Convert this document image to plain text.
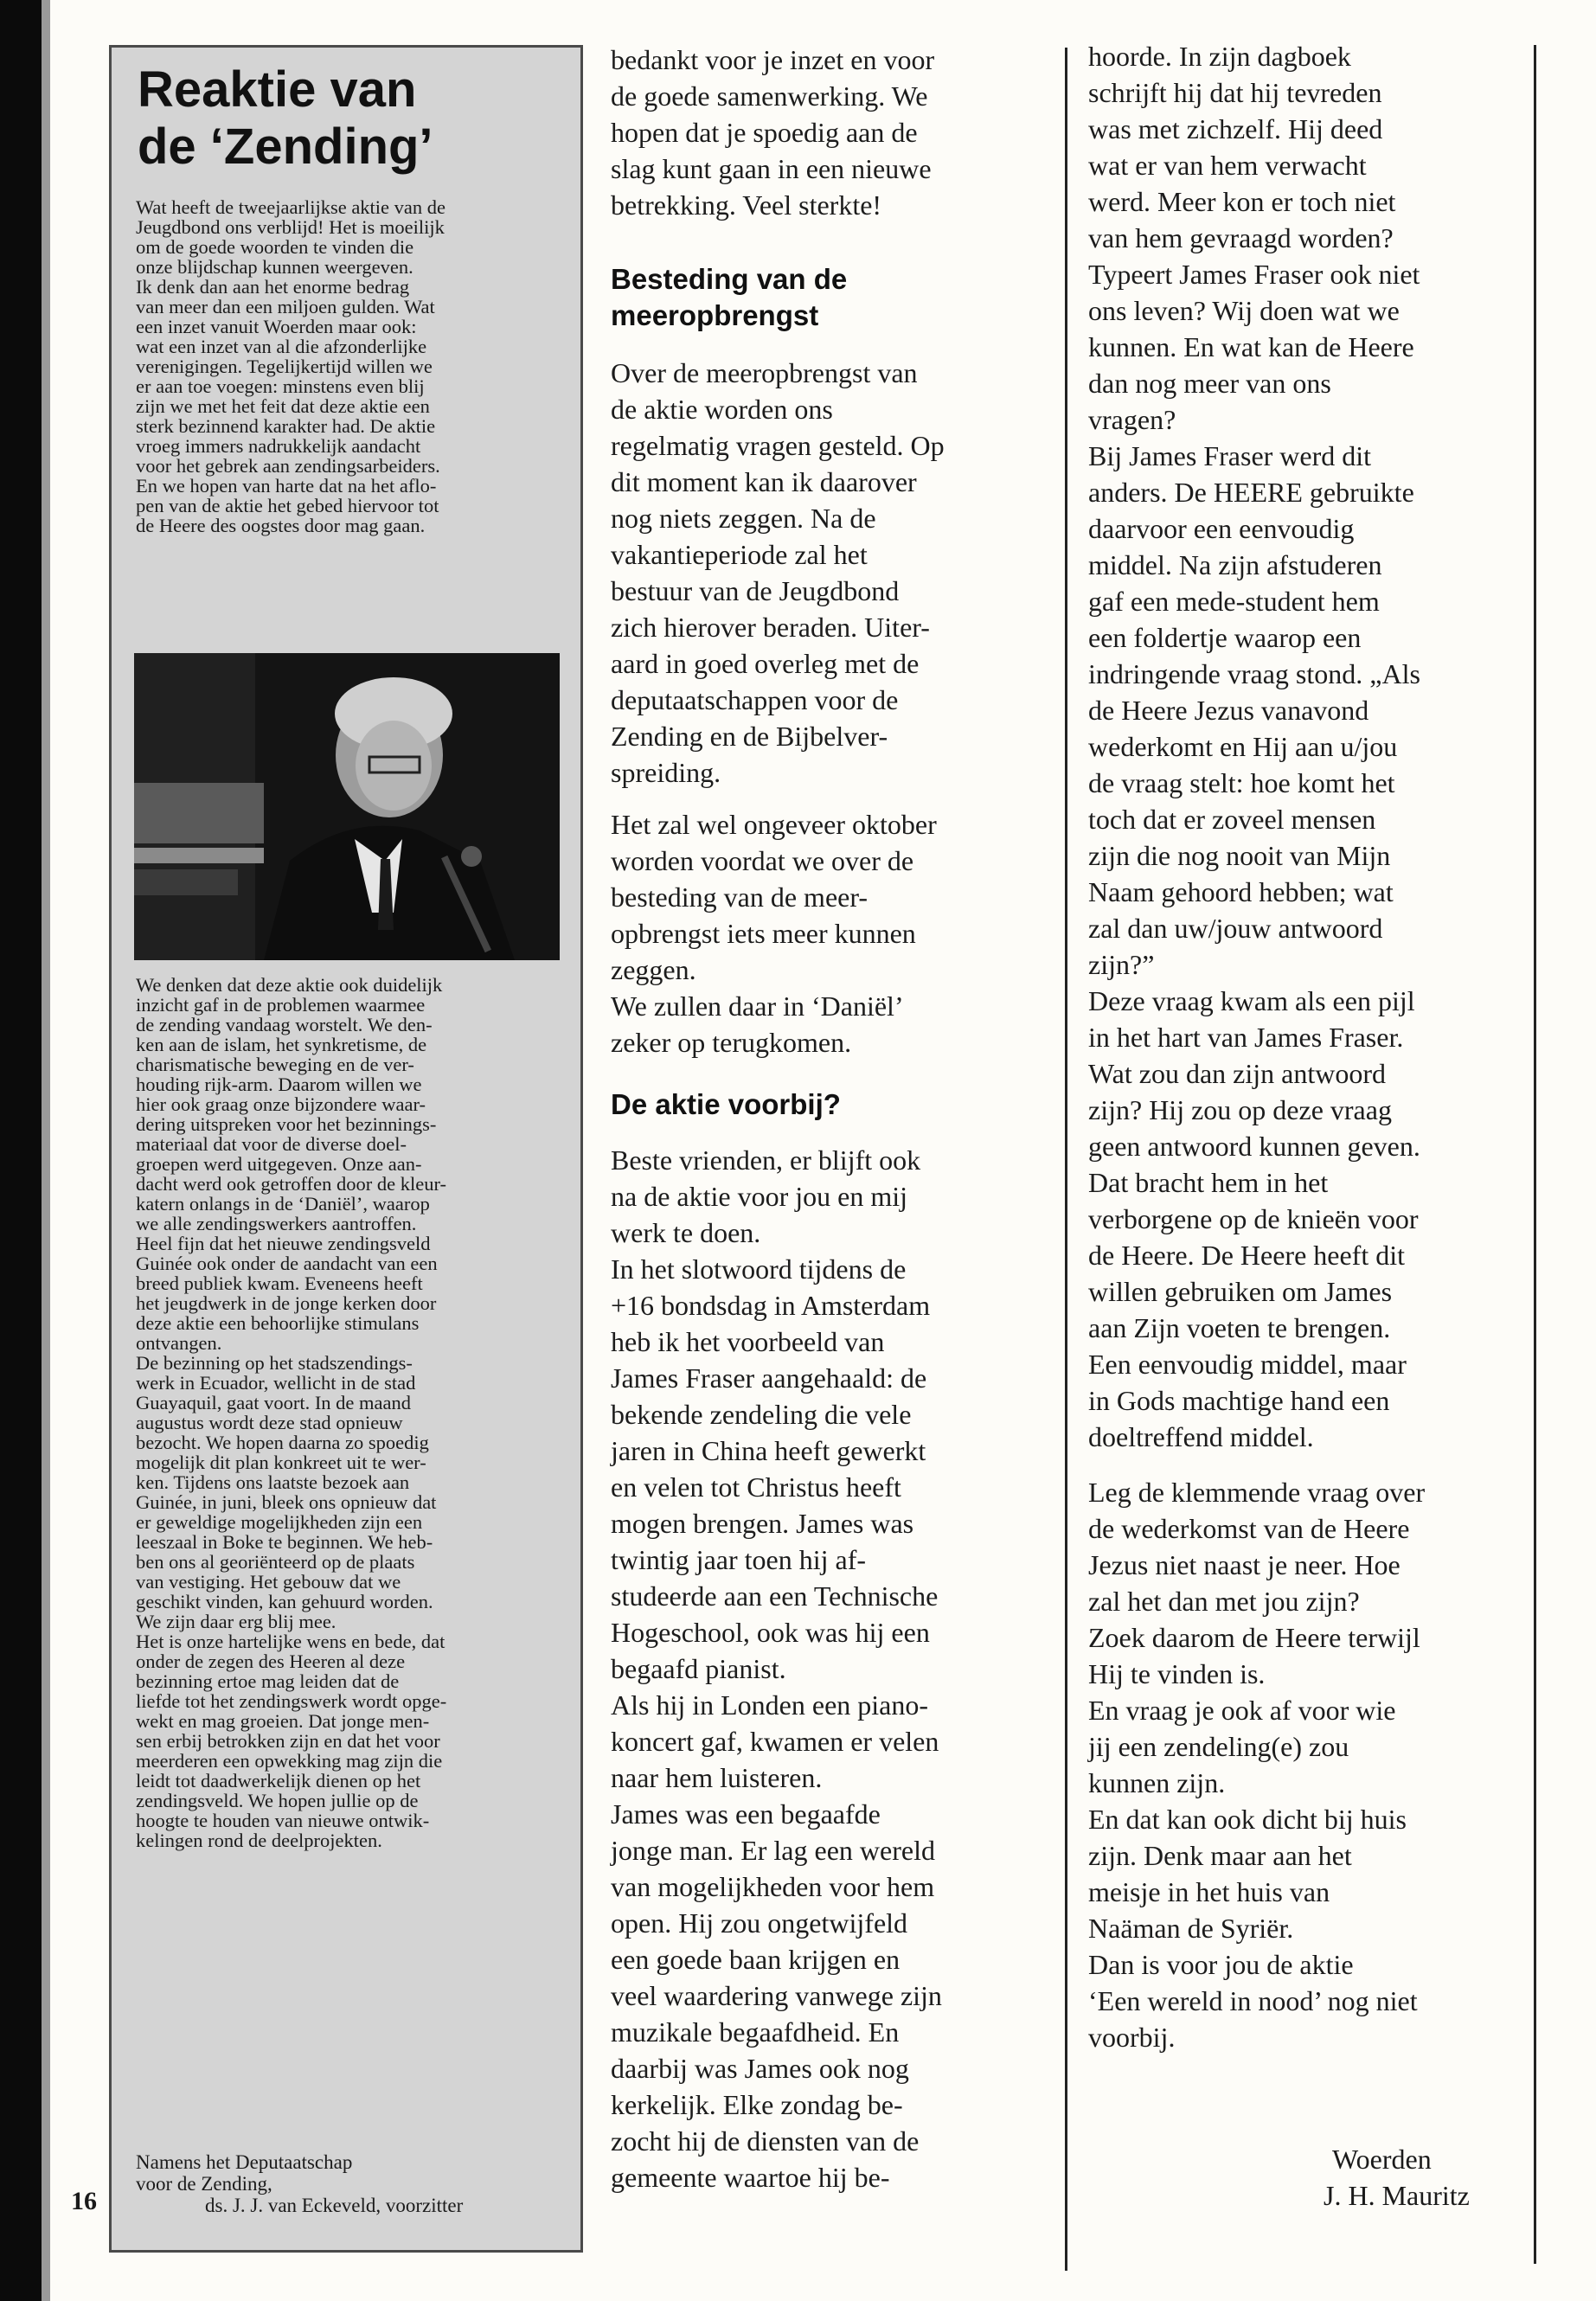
Reaktie van
de ‘Zending’

Wat heeft de tweejaarlijkse aktie van de

Jeugdbond ons verblijd! Het is moeilijk

om de goede woorden te vinden die

onze blijdschap kunnen weergeven.

Ik denk dan aan het enorme bedrag

van meer dan een miljoen gulden. Wat

een inzet vanuit Woerden maar ook:

wat een inzet van al die afzonderlijke

verenigingen. Tegelijkertijd willen we

er aan toe voegen: minstens even blij

zijn we met het feit dat deze aktie een

sterk bezinnend karakter had. De aktie

vroeg immers nadrukkelijk aandacht

voor het gebrek aan zendingsarbeiders.

En we hopen van harte dat na het aflo-

pen van de aktie het gebed hiervoor tot

de Heere des oogstes door mag gaan.

We denken dat deze aktie ook duidelijk

inzicht gaf in de problemen waarmee

de zending vandaag worstelt. We den-

ken aan de islam, het synkretisme, de

charismatische beweging en de ver-

houding rijk-arm. Daarom willen we

hier ook graag onze bijzondere waar-

dering uitspreken voor het bezinnings-

materiaal dat voor de diverse doel-

groepen werd uitgegeven. Onze aan-

dacht werd ook getroffen door de kleur-

katern onlangs in de ‘Daniël’, waarop

we alle zendingswerkers aantroffen.

Heel fijn dat het nieuwe zendingsveld

Guinée ook onder de aandacht van een

breed publiek kwam. Eveneens heeft

het jeugdwerk in de jonge kerken door

deze aktie een behoorlijke stimulans

ontvangen.

De bezinning op het stadszendings-

werk in Ecuador, wellicht in de stad

Guayaquil, gaat voort. In de maand

augustus wordt deze stad opnieuw

bezocht. We hopen daarna zo spoedig

mogelijk dit plan konkreet uit te wer-

ken. Tijdens ons laatste bezoek aan

Guinée, in juni, bleek ons opnieuw dat

er geweldige mogelijkheden zijn een

leeszaal in Boke te beginnen. We heb-

ben ons al georiënteerd op de plaats

van vestiging. Het gebouw dat we

geschikt vinden, kan gehuurd worden.

We zijn daar erg blij mee.

Het is onze hartelijke wens en bede, dat

onder de zegen des Heeren al deze

bezinning ertoe mag leiden dat de

liefde tot het zendingswerk wordt opge-

wekt en mag groeien. Dat jonge men-

sen erbij betrokken zijn en dat het voor

meerderen een opwekking mag zijn die

leidt tot daadwerkelijk dienen op het

zendingsveld. We hopen jullie op de

hoogte te houden van nieuwe ontwik-

kelingen rond de deelprojekten.

Namens het Deputaatschap
voor de Zending,
ds. J. J. van Eckeveld, voorzitter
16

bedankt voor je inzet en voor

de goede samenwerking. We

hopen dat je spoedig aan de

slag kunt gaan in een nieuwe

betrekking. Veel sterkte!

Besteding van de
meeropbrengst

Over de meeropbrengst van

de aktie worden ons

regelmatig vragen gesteld. Op

dit moment kan ik daarover

nog niets zeggen. Na de

vakantieperiode zal het

bestuur van de Jeugdbond

zich hierover beraden. Uiter-

aard in goed overleg met de

deputaatschappen voor de

Zending en de Bijbelver-

spreiding.

Het zal wel ongeveer oktober

worden voordat we over de

besteding van de meer-

opbrengst iets meer kunnen

zeggen.

We zullen daar in ‘Daniël’

zeker op terugkomen.

De aktie voorbij?

Beste vrienden, er blijft ook

na de aktie voor jou en mij

werk te doen.

In het slotwoord tijdens de

+16 bondsdag in Amsterdam

heb ik het voorbeeld van

James Fraser aangehaald: de

bekende zendeling die vele

jaren in China heeft gewerkt

en velen tot Christus heeft

mogen brengen. James was

twintig jaar toen hij af-

studeerde aan een Technische

Hogeschool, ook was hij een

begaafd pianist.

Als hij in Londen een piano-

koncert gaf, kwamen er velen

naar hem luisteren.

James was een begaafde

jonge man. Er lag een wereld

van mogelijkheden voor hem

open. Hij zou ongetwijfeld

een goede baan krijgen en

veel waardering vanwege zijn

muzikale begaafdheid. En

daarbij was James ook nog

kerkelijk. Elke zondag be-

zocht hij de diensten van de

gemeente waartoe hij be-

hoorde. In zijn dagboek

schrijft hij dat hij tevreden

was met zichzelf. Hij deed

wat er van hem verwacht

werd. Meer kon er toch niet

van hem gevraagd worden?

Typeert James Fraser ook niet

ons leven? Wij doen wat we

kunnen. En wat kan de Heere

dan nog meer van ons

vragen?

Bij James Fraser werd dit

anders. De HEERE gebruikte

daarvoor een eenvoudig

middel. Na zijn afstuderen

gaf een mede-student hem

een foldertje waarop een

indringende vraag stond. „Als

de Heere Jezus vanavond

wederkomt en Hij aan u/jou

de vraag stelt: hoe komt het

toch dat er zoveel mensen

zijn die nog nooit van Mijn

Naam gehoord hebben; wat

zal dan uw/jouw antwoord

zijn?”

Deze vraag kwam als een pijl

in het hart van James Fraser.

Wat zou dan zijn antwoord

zijn? Hij zou op deze vraag

geen antwoord kunnen geven.

Dat bracht hem in het

verborgene op de knieën voor

de Heere. De Heere heeft dit

willen gebruiken om James

aan Zijn voeten te brengen.

Een eenvoudig middel, maar

in Gods machtige hand een

doeltreffend middel.

Leg de klemmende vraag over

de wederkomst van de Heere

Jezus niet naast je neer. Hoe

zal het dan met jou zijn?

Zoek daarom de Heere terwijl

Hij te vinden is.

En vraag je ook af voor wie

jij een zendeling(e) zou

kunnen zijn.

En dat kan ook dicht bij huis

zijn. Denk maar aan het

meisje in het huis van

Naäman de Syriër.

Dan is voor jou de aktie

‘Een wereld in nood’ nog niet

voorbij.

Woerden
J. H. Mauritz
